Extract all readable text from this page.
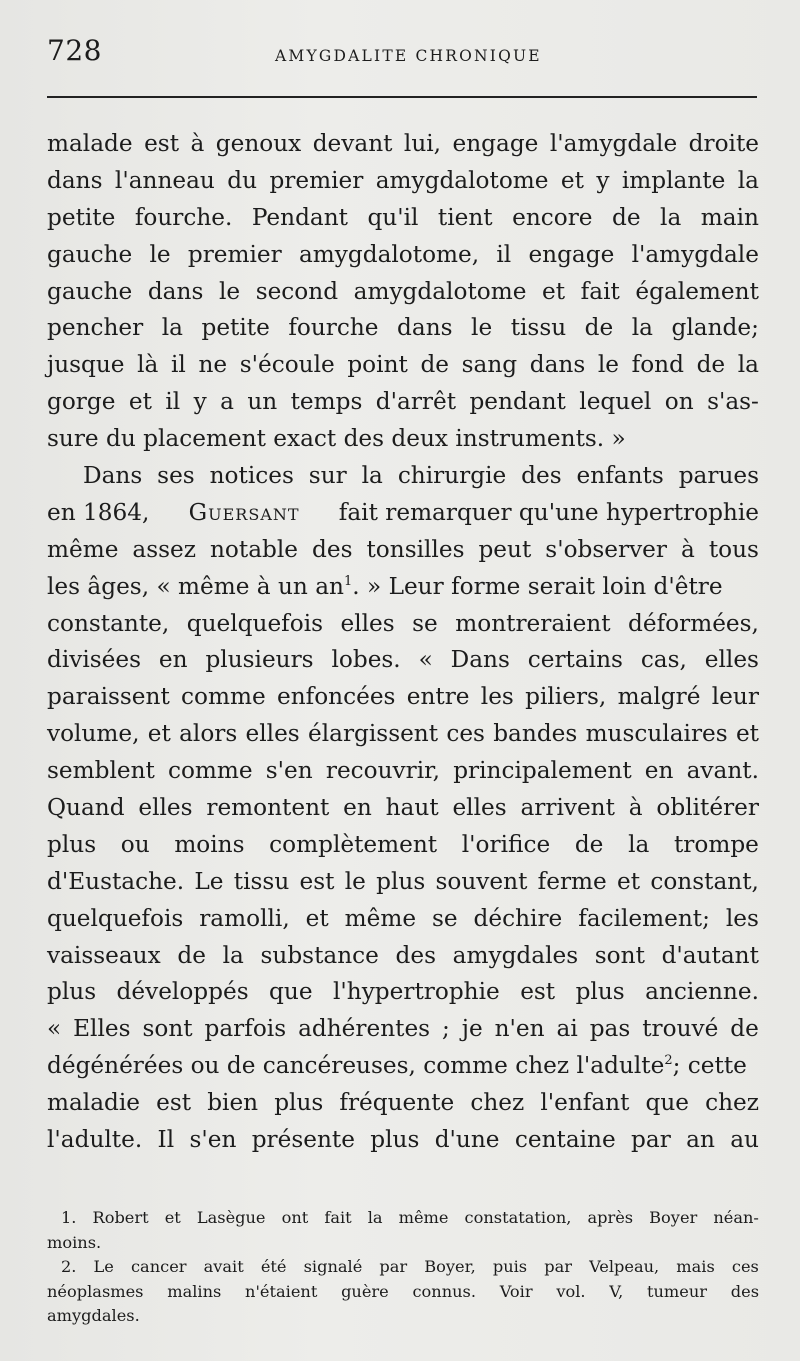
728	AMYGDALITE CHRONIQUE
malade est à genoux devant lui, engage l'amygdale droite
dans l'anneau du premier amygdalotome et y implante la
petite fourche. Pendant qu'il tient encore de la main
gauche le premier amygdalotome, il engage l'amygdale
gauche dans le second amygdalotome et fait également
pencher la petite fourche dans le tissu de la glande;
jusque là il ne s'écoule point de sang dans le fond de la
gorge et il y a un temps d'arrêt pendant lequel on s'as-
sure du placement exact des deux instruments. »
Dans ses notices sur la chirurgie des enfants parues
en 1864, Guersant fait remarquer qu'une hypertrophie
même assez notable des tonsilles peut s'observer à tous
les âges, « même à un $an^1$. » Leur forme serait loin d'être
constante, quelquefois elles se montreraient déformées,
divisées en plusieurs lobes. « Dans certains cas, elles
paraissent comme enfoncées entre les piliers, malgré leur
volume, et alors elles élargissent ces bandes musculaires et
semblent comme s'en recouvrir, principalement en avant.
Quand elles remontent en haut elles arrivent à oblitérer
plus ou moins complètement l'orifice de la trompe
d'Eustache. Le tissu est le plus souvent ferme et constant,
quelquefois ramolli, et même se déchire facilement; les
vaisseaux de la substance des amygdales sont d'autant
plus développés que l'hypertrophie est plus ancienne.
« Elles sont parfois adhérentes ; je n'en ai pas trouvé de
dégénérées ou de cancéreuses, comme chez l'adulte$^2$; cette
maladie est bien plus fréquente chez l'enfant que chez
l'adulte. Il s'en présente plus d'une centaine par an au
1. Robert et Lasègue ont fait la même constatation, après Boyer néan-
moins.
2. Le cancer avait été signalé par Boyer, puis par Velpeau, mais ces
néoplasmes malins n'étaient guère connus. Voir vol. V, tumeur des
amygdales.
